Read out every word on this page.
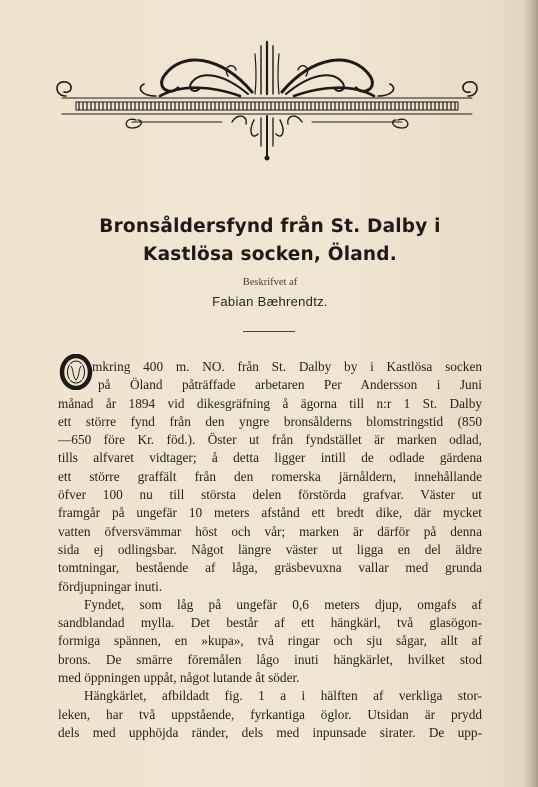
Bronsåldersfynd från St. Dalby i
Kastlösa socken, Öland.
Beskrifvet af
Fabian Bæhrendtz.
mkring 400 m. NO. från St. Dalby by i Kastlösa socken
på Öland påträffade arbetaren Per Andersson i Juni
månad år 1894 vid dikesgräfning å ägorna till n:r 1 St. Dalby
ett större fynd från den yngre bronsålderns blomstringstid (850
—650 före Kr. föd.). Öster ut från fyndstället är marken odlad,
tills alfvaret vidtager; å detta ligger intill de odlade gärdena
ett större graffält från den romerska järnåldern, innehållande
öfver 100 nu till största delen förstörda grafvar. Väster ut
framgår på ungefär 10 meters afstånd ett bredt dike, där mycket
vatten öfversvämmar höst och vår; marken är därför på denna
sida ej odlingsbar. Något längre väster ut ligga en del äldre
tomtningar, bestående af låga, gräsbevuxna vallar med grunda
fördjupningar inuti.
Fyndet, som låg på ungefär 0,6 meters djup, omgafs af
sandblandad mylla. Det består af ett hängkärl, två glasögon-
formiga spännen, en »kupa», två ringar och sju sågar, allt af
brons. De smärre föremålen lågo inuti hängkärlet, hvilket stod
med öppningen uppåt, något lutande åt söder.
Hängkärlet, afbildadt fig. 1 a i hälften af verkliga stor-
leken, har två uppstående, fyrkantiga öglor. Utsidan är prydd
dels med upphöjda ränder, dels med inpunsade sirater. De upp-
